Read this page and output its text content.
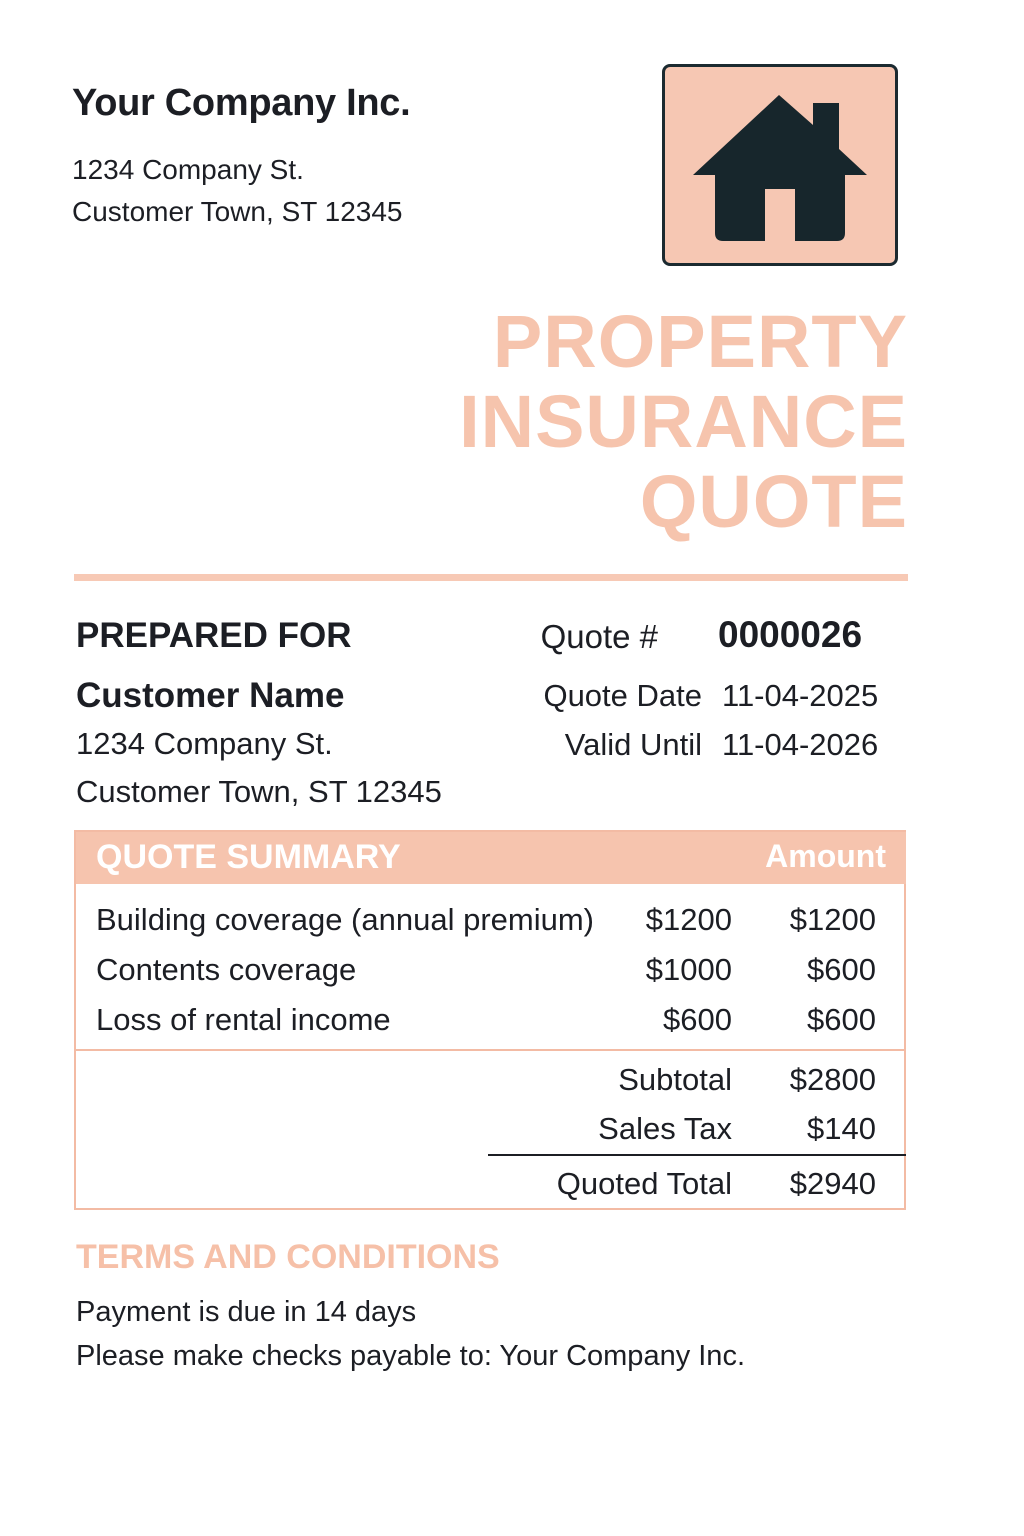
Your Company Inc.
1234 Company St.
Customer Town, ST 12345
PROPERTY
INSURANCE
QUOTE
PREPARED FOR
Customer Name
1234 Company St.
Customer Town, ST 12345
Quote # 0000026
Quote Date 11-04-2025
Valid Until 11-04-2026
QUOTE SUMMARY	Amount
Building coverage (annual premium) $1200 $1200
Contents coverage	$1000 $600
Loss of rental income	$600 $600
Subtotal $2800
Sales Tax $140
Quoted Total $2940
TERMS AND CONDITIONS
Payment is due in 14 days
Please make checks payable to: Your Company Inc.
